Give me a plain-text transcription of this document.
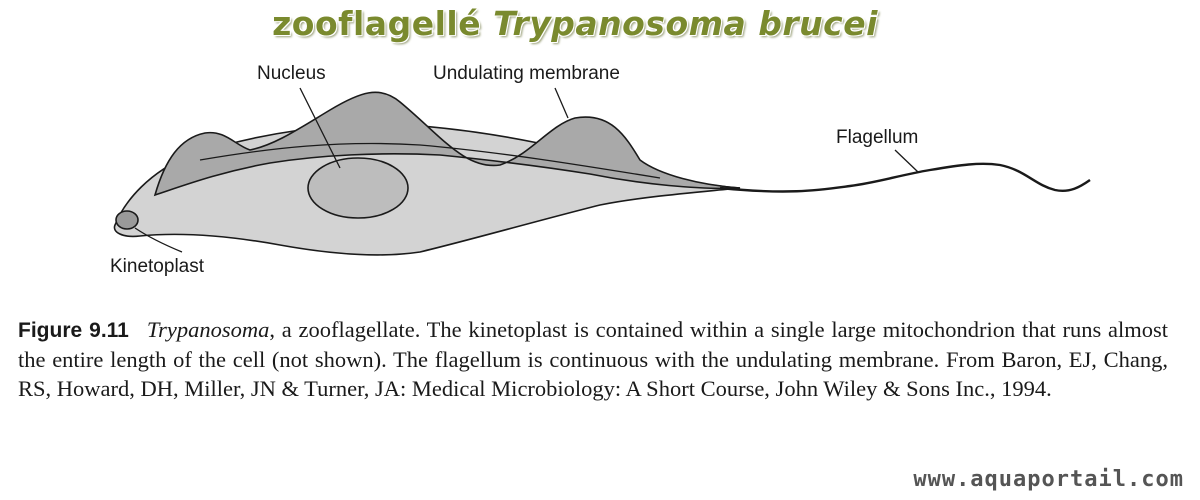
zooflagellé Trypanosoma brucei
Nucleus	Undulating membrane
Flagellum
Kinetoplast
Figure 9.11 Trypanosoma, a zooflagellate. The kinetoplast is contained within a single large mitochondrion that runs almost the entire length of the cell (not shown). The flagellum is continuous with the undulating membrane. From Baron, EJ, Chang, RS, Howard, DH, Miller, JN & Turner, JA: Medical Microbiology: A Short Course, John Wiley & Sons Inc., 1994.
www.aquaportail.com
